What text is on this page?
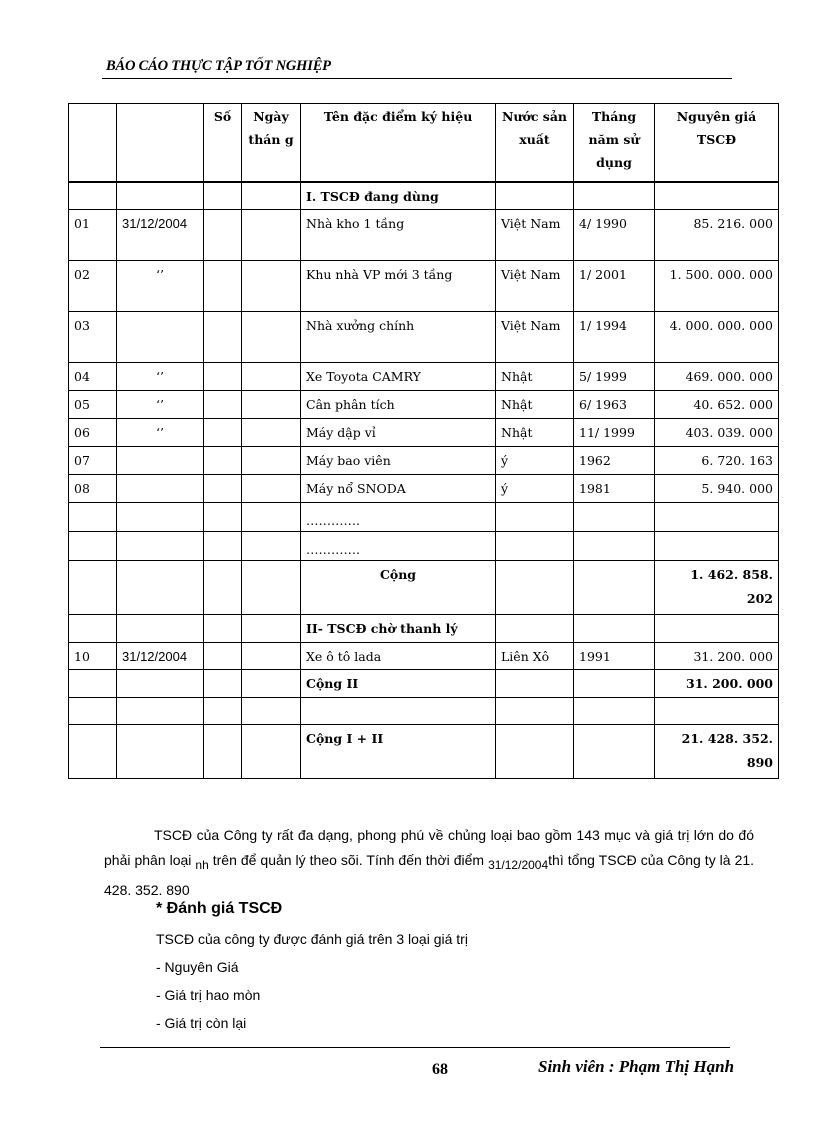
BÁO CÁO THỰC TẬP TỐT NGHIỆP
		Số	Ngày thán g	Tên đặc điểm ký hiệu	Nước sản xuất	Tháng năm sử dụng	Nguyên giá TSCĐ
				I. TSCĐ đang dùng			
01	31/12/2004			Nhà kho 1 tầng	Việt Nam	4/ 1990	85. 216. 000
02	‘’			Khu nhà VP mới 3 tầng	Việt Nam	1/ 2001	1. 500. 000. 000
03				Nhà xưởng chính	Việt Nam	1/ 1994	4. 000. 000. 000
04	‘’			Xe Toyota CAMRY	Nhật	5/ 1999	469. 000. 000
05	‘’			Cân phân tích	Nhật	6/ 1963	40. 652. 000
06	‘’			Máy dập vỉ	Nhật	11/ 1999	403. 039. 000
07				Máy bao viên	ý	1962	6. 720. 163
08				Máy nổ SNODA	ý	1981	5. 940. 000
				………….			
				………….			
				Cộng			1. 462. 858. 202
				II- TSCĐ chờ thanh lý			
10	31/12/2004			Xe ô tô lada	Liên Xô	1991	31. 200. 000
				Cộng II			31. 200. 000

				Cộng I + II			21. 428. 352. 890
TSCĐ của Công ty rất đa dạng, phong phú về chủng loại bao gồm 143 mục và giá trị lớn do đó phải phân loại $_{nh}$ trên để quản lý theo sõi. Tính đến thời điểm $_{31/12/2004}$thì tổng TSCĐ của Công ty là 21. 428. 352. 890
* Đánh giá TSCĐ
TSCĐ của công ty được đánh giá trên 3 loại giá trị
- Nguyên Giá
- Giá trị hao mòn
- Giá trị còn lại
68	Sinh viên : Phạm Thị Hạnh
